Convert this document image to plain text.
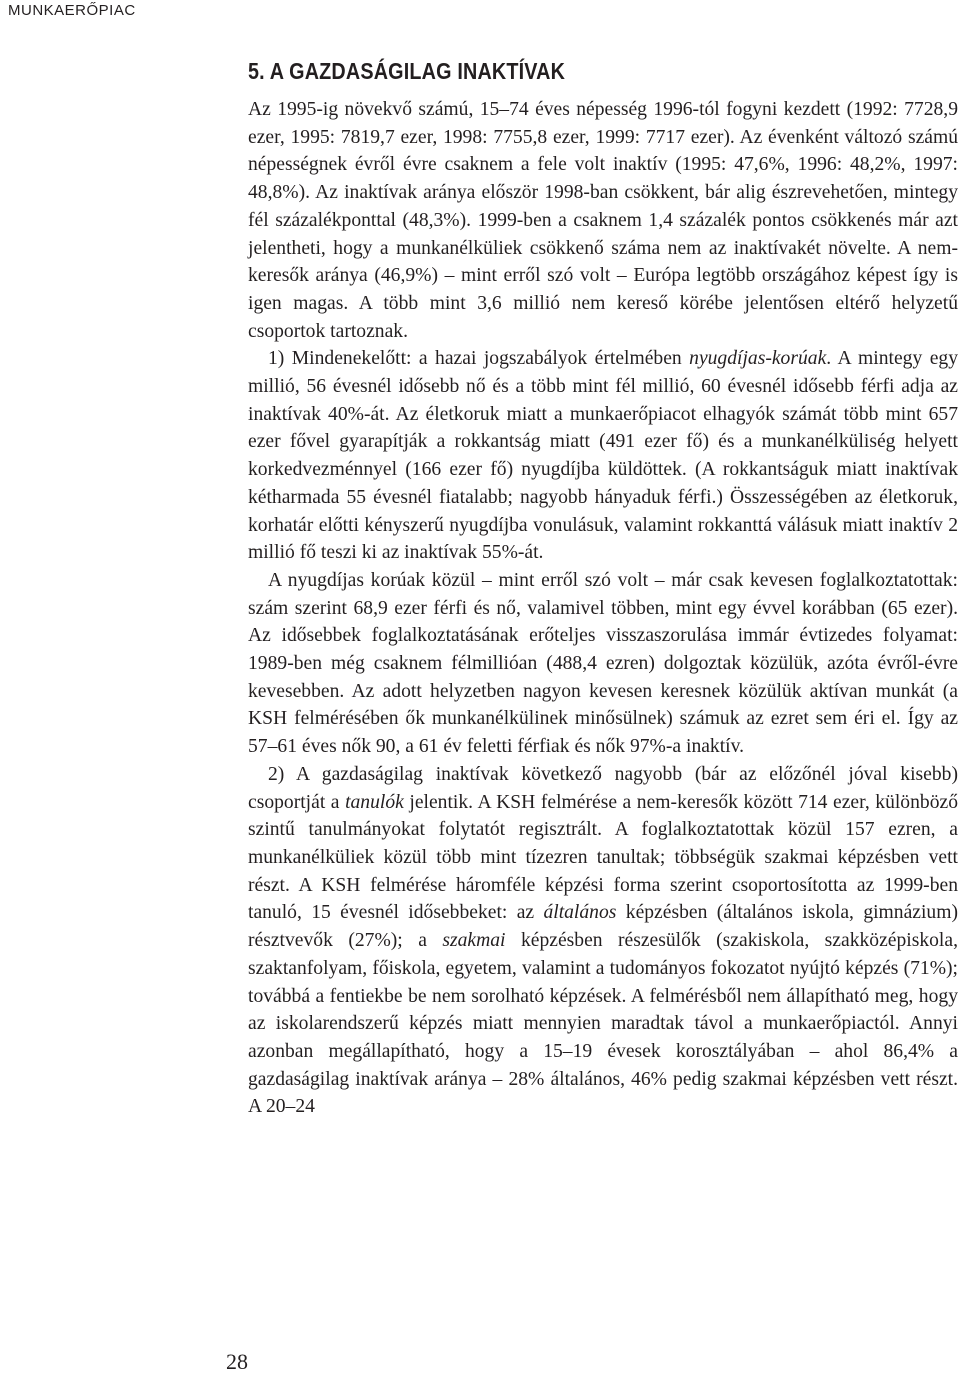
MUNKAERŐPIAC
5. A GAZDASÁGILAG INAKTÍVAK

Az 1995-ig növekvő számú, 15–74 éves népesség 1996-tól fogyni kezdett (1992: 7728,9 ezer, 1995: 7819,7 ezer, 1998: 7755,8 ezer, 1999: 7717 ezer). Az évenként változó számú népességnek évről évre csaknem a fele volt inaktív (1995: 47,6%, 1996: 48,2%, 1997: 48,8%). Az inaktívak aránya először 1998-ban csökkent, bár alig észrevehetően, mintegy fél százalékponttal (48,3%). 1999-ben a csaknem 1,4 százalék pontos csökkenés már azt jelentheti, hogy a munkanélküliek csökkenő száma nem az inaktívakét növelte. A nem-keresők aránya (46,9%) – mint erről szó volt – Európa legtöbb országához képest így is igen magas. A több mint 3,6 millió nem kereső körébe jelentősen eltérő helyzetű csoportok tartoznak.

1) Mindenekelőtt: a hazai jogszabályok értelmében nyugdíjas-korúak. A mintegy egy millió, 56 évesnél idősebb nő és a több mint fél millió, 60 évesnél idősebb férfi adja az inaktívak 40%-át. Az életkoruk miatt a munkaerőpiacot elhagyók számát több mint 657 ezer fővel gyarapítják a rokkantság miatt (491 ezer fő) és a munkanélküliség helyett korkedvezménnyel (166 ezer fő) nyugdíjba küldöttek. (A rokkantságuk miatt inaktívak kétharmada 55 évesnél fiatalabb; nagyobb hányaduk férfi.) Összességében az életkoruk, korhatár előtti kényszerű nyugdíjba vonulásuk, valamint rokkanttá válásuk miatt inaktív 2 millió fő teszi ki az inaktívak 55%-át.

A nyugdíjas korúak közül – mint erről szó volt – már csak kevesen foglalkoztatottak: szám szerint 68,9 ezer férfi és nő, valamivel többen, mint egy évvel korábban (65 ezer). Az idősebbek foglalkoztatásának erőteljes visszaszorulása immár évtizedes folyamat: 1989-ben még csaknem félmillióan (488,4 ezren) dolgoztak közülük, azóta évről-évre kevesebben. Az adott helyzetben nagyon kevesen keresnek közülük aktívan munkát (a KSH felmérésében ők munkanélkülinek minősülnek) számuk az ezret sem éri el. Így az 57–61 éves nők 90, a 61 év feletti férfiak és nők 97%-a inaktív.

2) A gazdaságilag inaktívak következő nagyobb (bár az előzőnél jóval kisebb) csoportját a tanulók jelentik. A KSH felmérése a nem-keresők között 714 ezer, különböző szintű tanulmányokat folytatót regisztrált. A foglalkoztatottak közül 157 ezren, a munkanélküliek közül több mint tízezren tanultak; többségük szakmai képzésben vett részt. A KSH felmérése háromféle képzési forma szerint csoportosította az 1999-ben tanuló, 15 évesnél idősebbeket: az általános képzésben (általános iskola, gimnázium) résztvevők (27%); a szakmai képzésben részesülők (szakiskola, szakközépiskola, szaktanfolyam, főiskola, egyetem, valamint a tudományos fokozatot nyújtó képzés (71%); továbbá a fentiekbe be nem sorolható képzések. A felmérésből nem állapítható meg, hogy az iskolarendszerű képzés miatt mennyien maradtak távol a munkaerőpiactól. Annyi azonban megállapítható, hogy a 15–19 évesek korosztályában – ahol 86,4% a gazdaságilag inaktívak aránya – 28% általános, 46% pedig szakmai képzésben vett részt. A 20–24

28
